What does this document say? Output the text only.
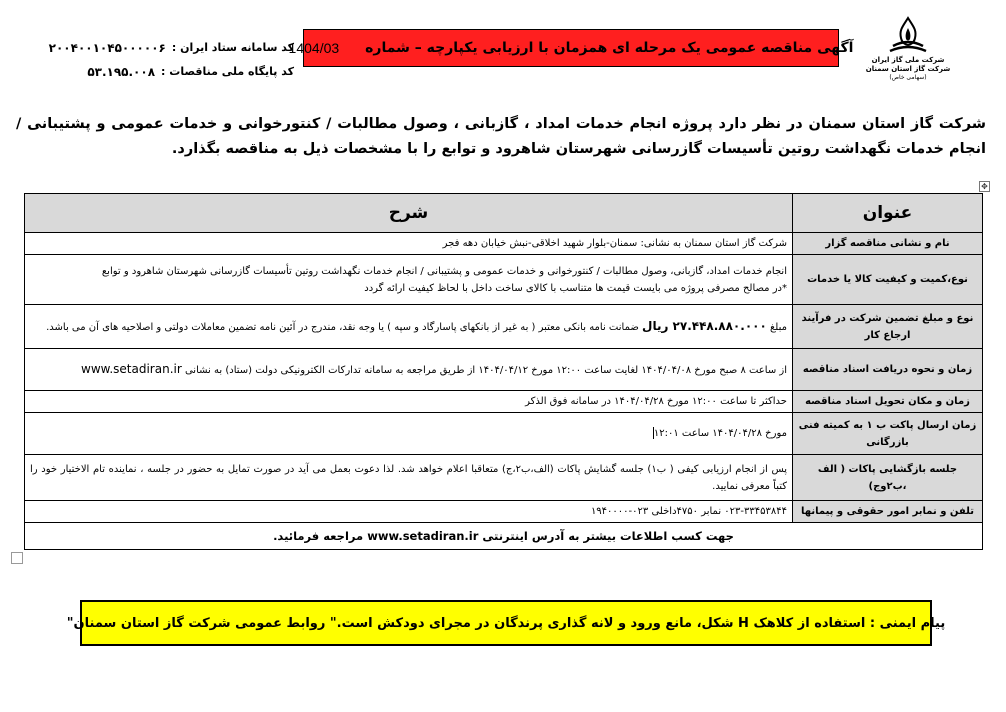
شرکت ملی گاز ایران
شرکت گاز استان سمنان
(سهامی خاص)
1404/03 آگهی مناقصه عمومی یک مرحله ای همزمان با ارزیابی یکپارچه – شماره
کد سامانه ستاد ایران :
۲۰۰۴۰۰۱۰۴۵۰۰۰۰۰۶
کد پایگاه ملی مناقصات :
۵۳.۱۹۵.۰۰۸
شرکت گاز استان سمنان در نظر دارد پروژه انجام خدمات امداد ، گازبانی ، وصول مطالبات / کنتورخوانی و خدمات عمومی و پشتیبانی / انجام خدمات نگهداشت روتین تأسیسات گازرسانی شهرستان شاهرود و توابع را با مشخصات ذیل به مناقصه بگذارد.
✥
عنوان	شرح
نام و نشانی مناقصه گزار	شرکت گاز استان سمنان به نشانی: سمنان-بلوار شهید اخلاقی-نبش خیابان دهه فجر
نوع،کمیت و کیفیت کالا یا خدمات	انجام خدمات امداد، گازبانی، وصول مطالبات / کنتورخوانی و خدمات عمومی و پشتیبانی / انجام خدمات نگهداشت روتین تأسیسات گازرسانی شهرستان شاهرود و توابع
*در مصالح مصرفی پروژه می بایست قیمت ها متناسب با کالای ساخت داخل با لحاظ کیفیت ارائه گردد

نوع و مبلغ تضمین شرکت در فرآیند ارجاع کار	مبلغ ۲۷.۴۴۸.۸۸۰.۰۰۰ ریال ضمانت نامه بانکی معتبر ( به غیر از بانکهای پاسارگاد و سپه ) یا وجه نقد، مندرج در آئین نامه تضمین معاملات دولتی و اصلاحیه های آن می باشد.
زمان و نحوه دریافت اسناد مناقصه	از ساعت ۸ صبح مورخ ۱۴۰۴/۰۴/۰۸ لغایت ساعت ۱۲:۰۰ مورخ ۱۴۰۴/۰۴/۱۲ از طریق مراجعه به سامانه تدارکات الکترونیکی دولت (ستاد) به نشانی www.setadiran.ir
زمان و مکان تحویل اسناد مناقصه	حداکثر تا ساعت ۱۲:۰۰ مورخ ۱۴۰۴/۰۴/۲۸ در سامانه فوق الذکر
زمان ارسال پاکت ب ۱ به کمیته فنی بازرگانی	مورخ ۱۴۰۴/۰۴/۲۸ ساعت ۱۲:۰۱
جلسه بازگشایی پاکات ( الف ،ب۲وج)	پس از انجام ارزیابی کیفی ( ب۱) جلسه گشایش پاکات (الف،ب۲،ج) متعاقبا اعلام خواهد شد. لذا دعوت بعمل می آید در صورت تمایل به حضور در جلسه ، نماینده تام الاختیار خود را کتباً معرفی نمایید.
تلفن و نمابر امور حقوقی و پیمانها	۰۲۳-۳۳۴۵۳۸۴۴ نمابر ۴۷۵۰داخلی ۰۲۳-۱۹۴۰۰۰۰
جهت کسب اطلاعات بیشتر به آدرس اینترنتی www.setadiran.ir مراجعه فرمائید.	
پیام ایمنی : استفاده از کلاهک H شکل، مانع ورود و لانه گذاری پرندگان در مجرای دودکش است." روابط عمومی شرکت گاز استان سمنان"
